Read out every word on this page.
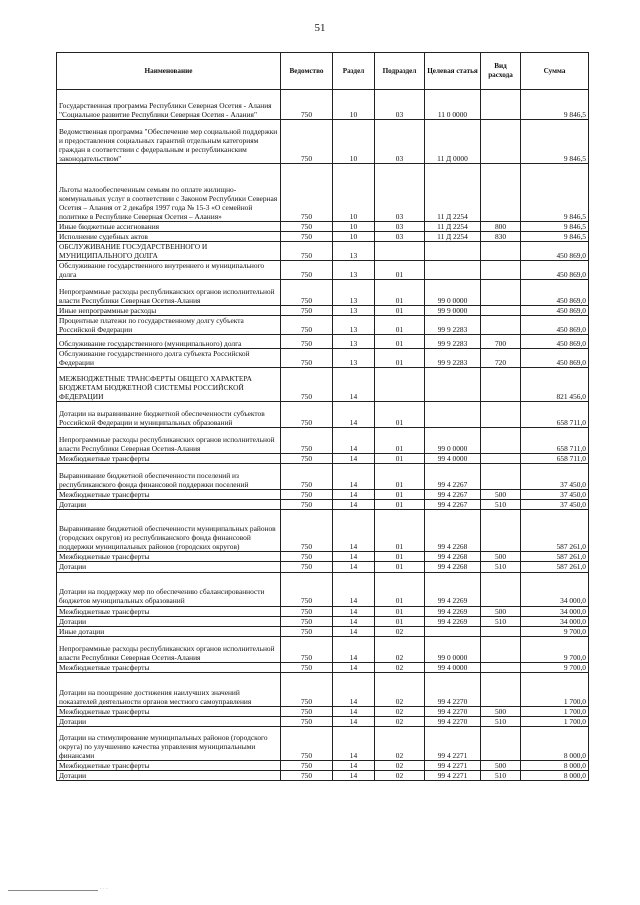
51
Наименование	Ведомство	Раздел	Подраздел	Целевая статья	Вид расхода	Сумма
Государственная программа Республики Северная Осетия - Алания "Социальное развитие Республики Северная Осетия - Алания"	750	10	03	11 0 0000		9 846,5
Ведомственная программа "Обеспечение мер социальной поддержки и предоставления социальных гарантий отдельным категориям граждан в соответствии с федеральным и республиканским законодательством"	750	10	03	11 Д 0000		9 846,5
Льготы малообеспеченным семьям по оплате жилищно-коммунальных услуг в соответствии с Законом Республики Северная Осетия – Алания от 2 декабря 1997 года № 15-3 «О семейной политике в Республике Северная Осетия – Алания»	750	10	03	11 Д 2254		9 846,5
Иные бюджетные ассигнования	750	10	03	11 Д 2254	800	9 846,5
Исполнение судебных актов	750	10	03	11 Д 2254	830	9 846,5
ОБСЛУЖИВАНИЕ ГОСУДАРСТВЕННОГО И МУНИЦИПАЛЬНОГО ДОЛГА	750	13				450 869,0
Обслуживание государственного внутреннего и муниципального долга	750	13	01			450 869,0
Непрограммные расходы республиканских органов исполнительной власти Республики Северная Осетия-Алания	750	13	01	99 0 0000		450 869,0
Иные непрограммные расходы	750	13	01	99 9 0000		450 869,0
Процентные платежи по государственному долгу субъекта Российской Федерации	750	13	01	99 9 2283		450 869,0
Обслуживание государственного (муниципального) долга	750	13	01	99 9 2283	700	450 869,0
Обслуживание государственного долга субъекта Российской Федерации	750	13	01	99 9 2283	720	450 869,0
МЕЖБЮДЖЕТНЫЕ ТРАНСФЕРТЫ ОБЩЕГО ХАРАКТЕРА БЮДЖЕТАМ БЮДЖЕТНОЙ СИСТЕМЫ РОССИЙСКОЙ ФЕДЕРАЦИИ	750	14				821 456,0
Дотации на выравнивание бюджетной обеспеченности субъектов Российской Федерации и муниципальных образований	750	14	01			658 711,0
Непрограммные расходы республиканских органов исполнительной власти Республики Северная Осетия-Алания	750	14	01	99 0 0000		658 711,0
Межбюджетные трансферты	750	14	01	99 4 0000		658 711,0
Выравнивание бюджетной обеспеченности поселений из республиканского фонда финансовой поддержки поселений	750	14	01	99 4 2267		37 450,0
Межбюджетные трансферты	750	14	01	99 4 2267	500	37 450,0
Дотации	750	14	01	99 4 2267	510	37 450,0
Выравнивание бюджетной обеспеченности муниципальных районов (городских округов) из республиканского фонда финансовой поддержки муниципальных районов (городских округов)	750	14	01	99 4 2268		587 261,0
Межбюджетные трансферты	750	14	01	99 4 2268	500	587 261,0
Дотации	750	14	01	99 4 2268	510	587 261,0
Дотации на поддержку мер по обеспечению сбалансированности бюджетов муниципальных образований	750	14	01	99 4 2269		34 000,0
Межбюджетные трансферты	750	14	01	99 4 2269	500	34 000,0
Дотации	750	14	01	99 4 2269	510	34 000,0
Иные дотации	750	14	02			9 700,0
Непрограммные расходы республиканских органов исполнительной власти Республики Северная Осетия-Алания	750	14	02	99 0 0000		9 700,0
Межбюджетные трансферты	750	14	02	99 4 0000		9 700,0
Дотации на поощрение достижения наилучших значений показателей деятельности органов местного самоуправления	750	14	02	99 4 2270		1 700,0
Межбюджетные трансферты	750	14	02	99 4 2270	500	1 700,0
Дотации	750	14	02	99 4 2270	510	1 700,0
Дотации на стимулирование муниципальных районов (городского округа) по улучшению качества управления муниципальными финансами	750	14	02	99 4 2271		8 000,0
Межбюджетные трансферты	750	14	02	99 4 2271	500	8 000,0
Дотации	750	14	02	99 4 2271	510	8 000,0
· · ·
